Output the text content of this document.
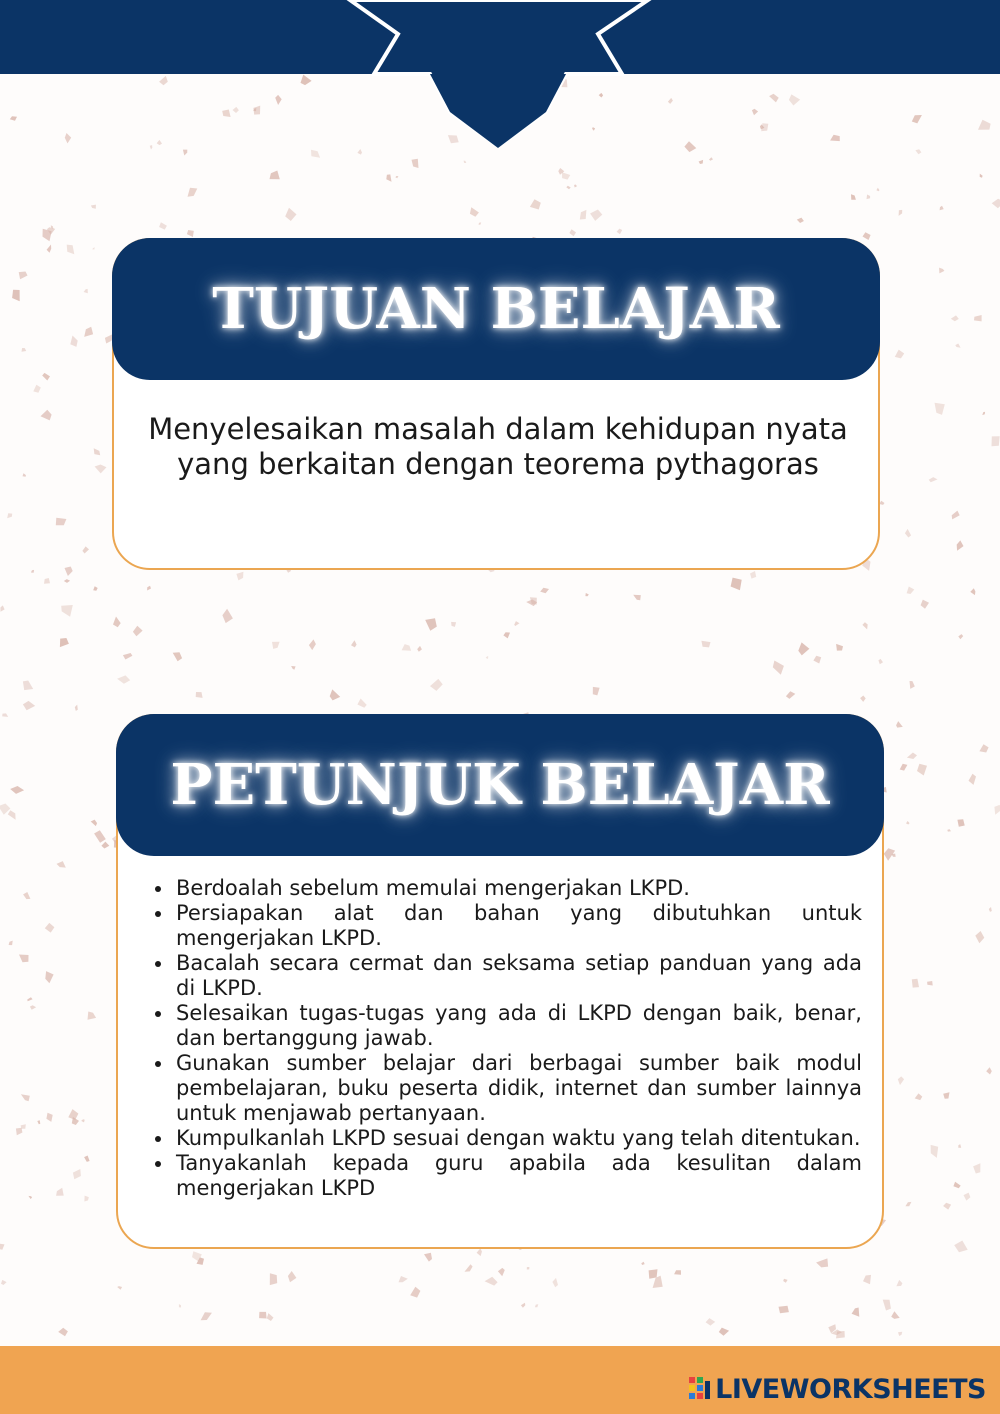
TUJUAN BELAJAR
Menyelesaikan masalah dalam kehidupan nyata yang berkaitan dengan teorema pythagoras
PETUNJUK BELAJAR
• Berdoalah sebelum memulai mengerjakan LKPD.
• Persiapakan alat dan bahan yang dibutuhkan untuk mengerjakan LKPD.
• Bacalah secara cermat dan seksama setiap panduan yang ada di LKPD.
• Selesaikan tugas-tugas yang ada di LKPD dengan baik, benar, dan bertanggung jawab.
• Gunakan sumber belajar dari berbagai sumber baik modul pembelajaran, buku peserta didik, internet dan sumber lainnya untuk menjawab pertanyaan.
• Kumpulkanlah LKPD sesuai dengan waktu yang telah ditentukan.
• Tanyakanlah kepada guru apabila ada kesulitan dalam mengerjakan LKPD
LIVEWORKSHEETS
